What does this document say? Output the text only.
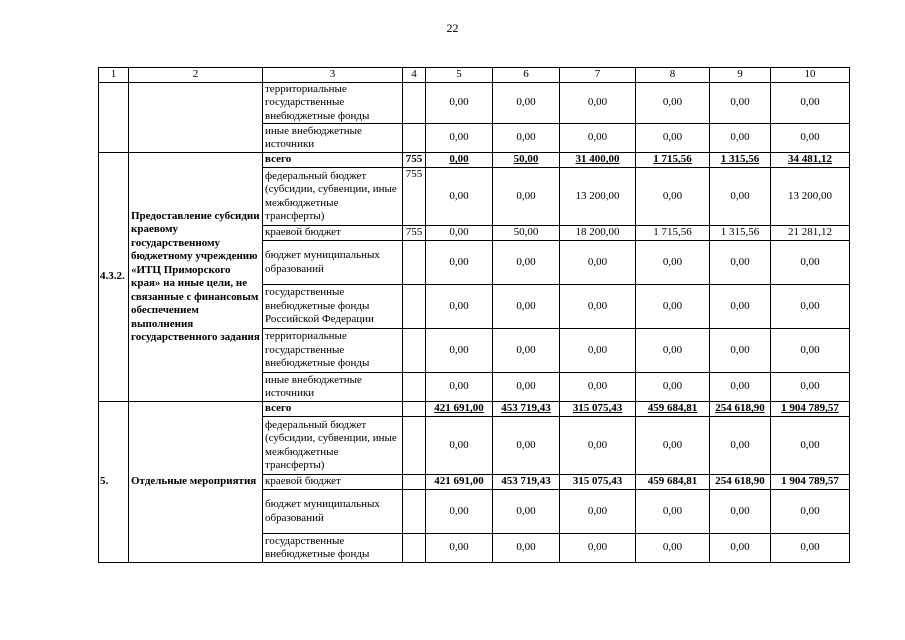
22
1	2	3	4	5	6	7	8	9	10
		территориальные государственные внебюджетные фонды		0,00	0,00	0,00	0,00	0,00	0,00
		иные внебюджетные источники		0,00	0,00	0,00	0,00	0,00	0,00
4.3.2.	Предоставление субсидии краевому государственному бюджетному учреждению «ИТЦ Приморского края» на иные цели, не связанные с финансовым обеспечением выполнения государственного задания	всего	755	0,00	50,00	31 400,00	1 715,56	1 315,56	34 481,12
		федеральный бюджет (субсидии, субвенции, иные межбюджетные трансферты)	755	0,00	0,00	13 200,00	0,00	0,00	13 200,00
		краевой бюджет	755	0,00	50,00	18 200,00	1 715,56	1 315,56	21 281,12
		бюджет муниципальных образований		0,00	0,00	0,00	0,00	0,00	0,00
		государственные внебюджетные фонды Российской Федерации		0,00	0,00	0,00	0,00	0,00	0,00
		территориальные государственные внебюджетные фонды		0,00	0,00	0,00	0,00	0,00	0,00
		иные внебюджетные источники		0,00	0,00	0,00	0,00	0,00	0,00
5.	Отдельные мероприятия	всего		421 691,00	453 719,43	315 075,43	459 684,81	254 618,90	1 904 789,57
		федеральный бюджет (субсидии, субвенции, иные межбюджетные трансферты)		0,00	0,00	0,00	0,00	0,00	0,00
		краевой бюджет		421 691,00	453 719,43	315 075,43	459 684,81	254 618,90	1 904 789,57
		бюджет муниципальных образований		0,00	0,00	0,00	0,00	0,00	0,00
		государственные внебюджетные фонды		0,00	0,00	0,00	0,00	0,00	0,00
